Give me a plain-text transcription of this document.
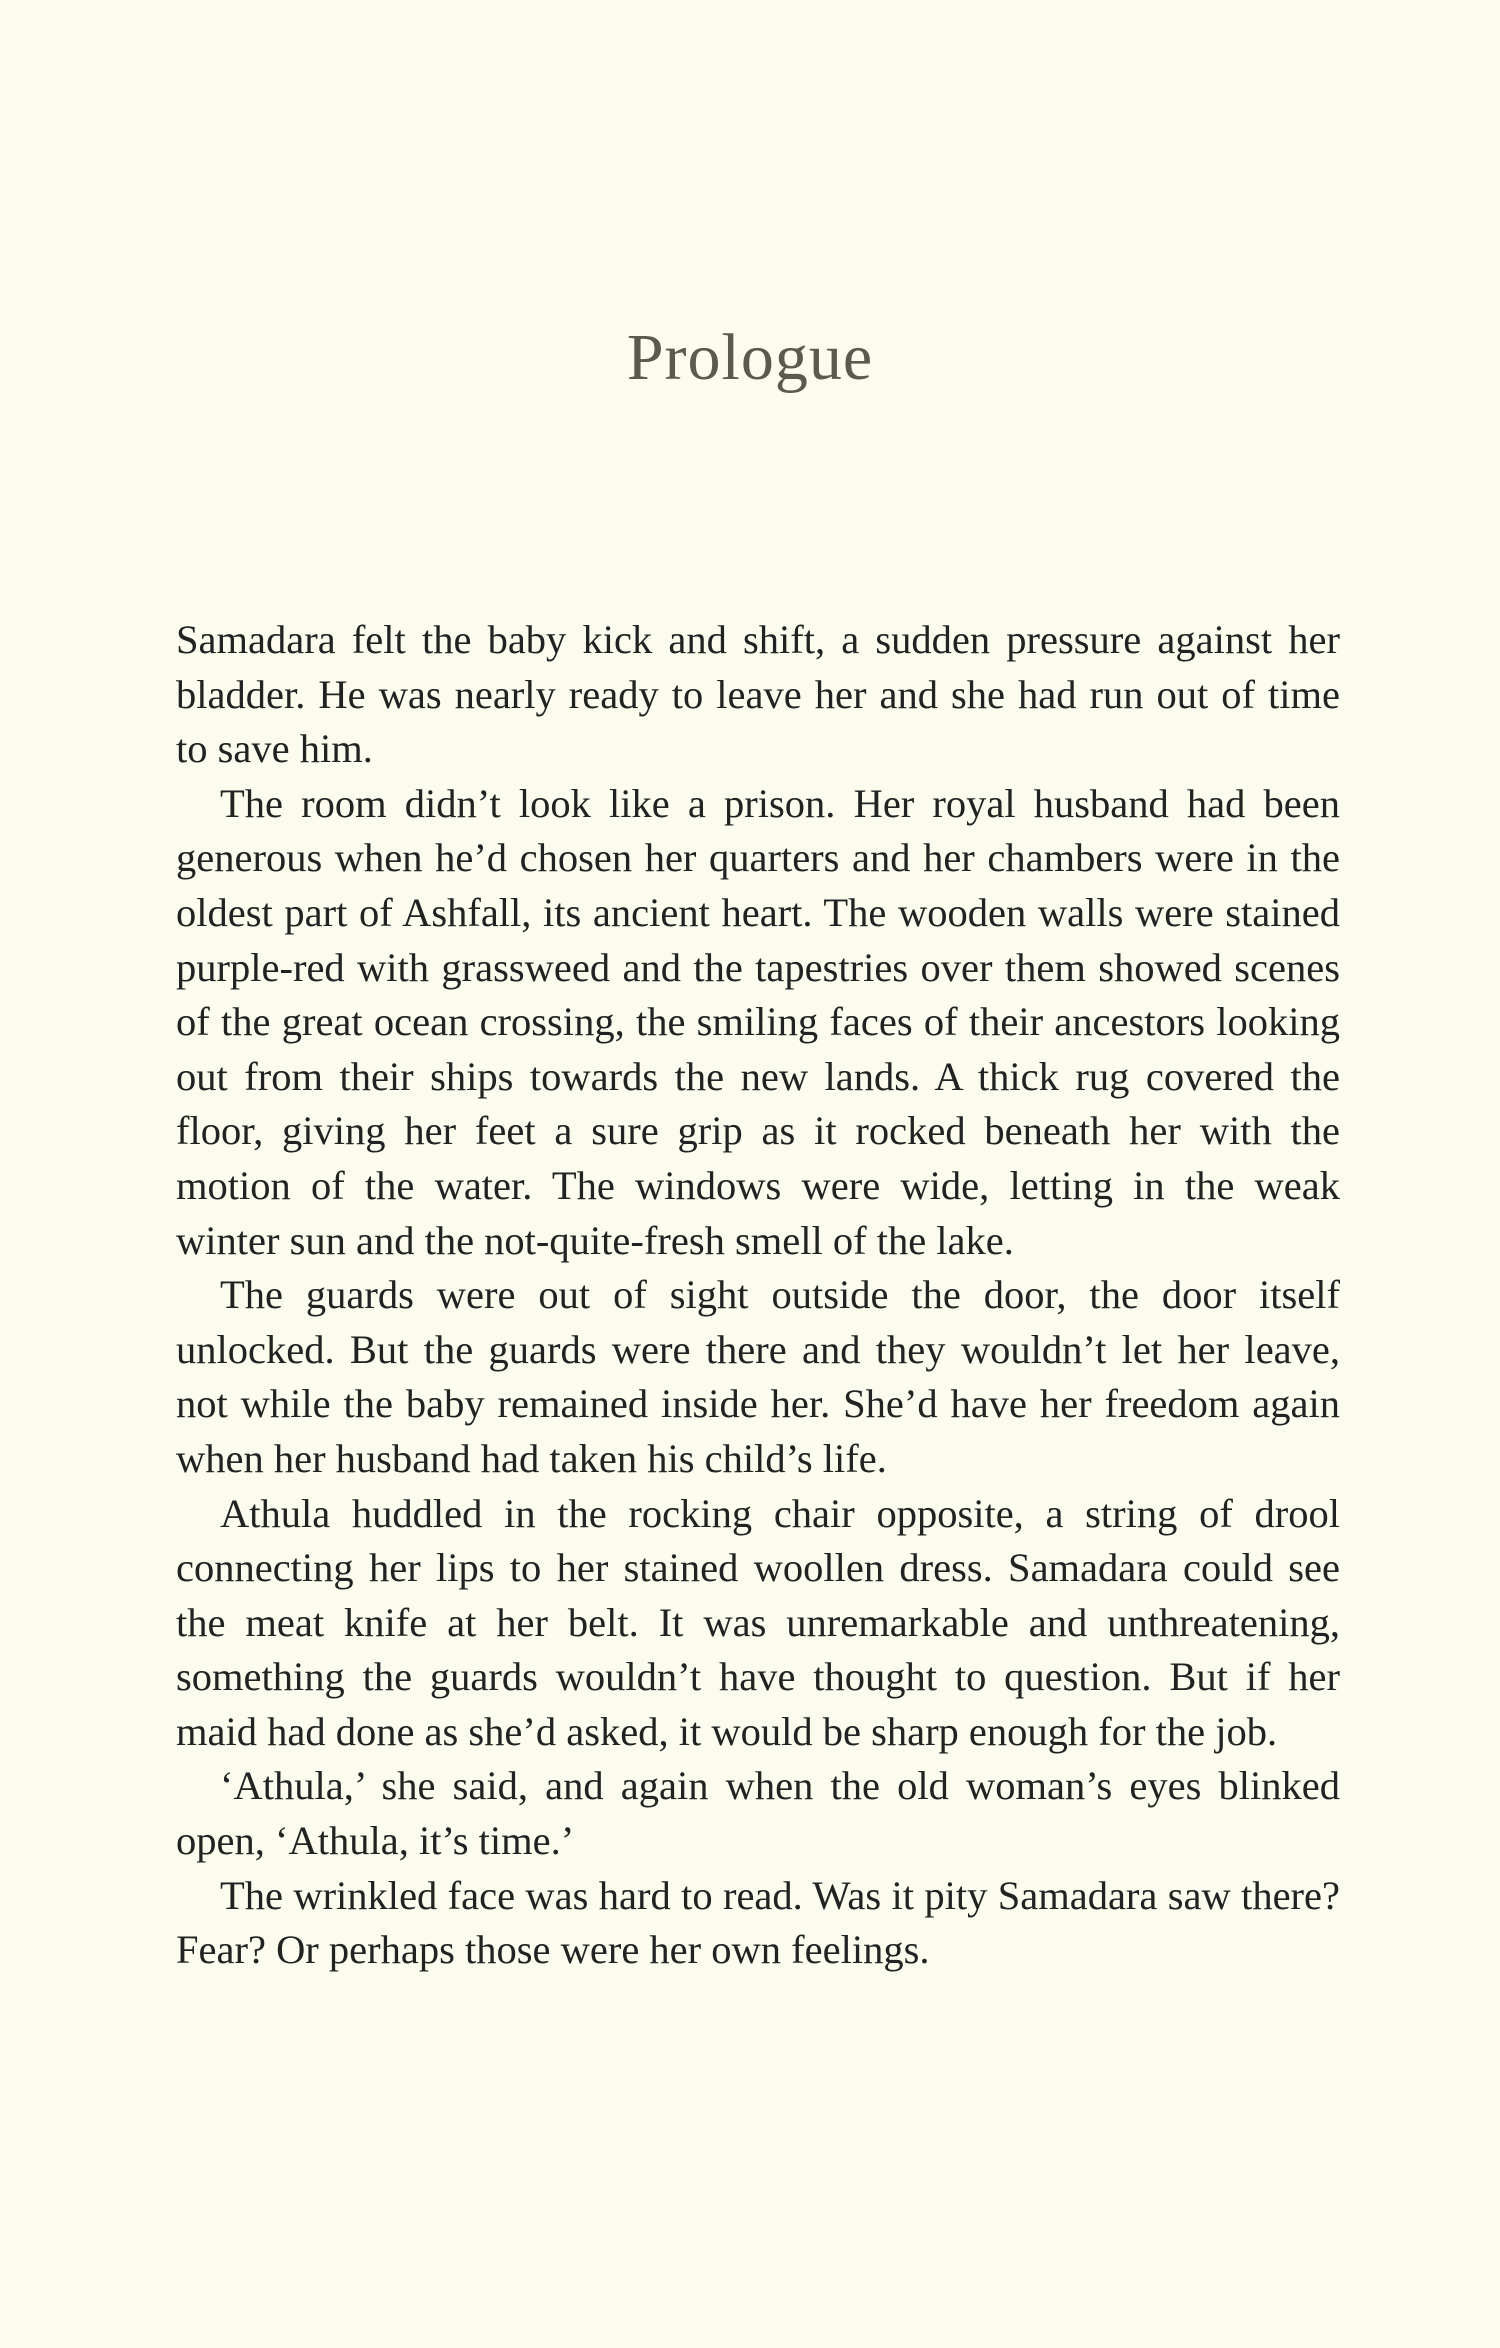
Prologue

Samadara felt the baby kick and shift, a sudden pressure against her bladder. He was nearly ready to leave her and she had run out of time to save him.

The room didn’t look like a prison. Her royal husband had been generous when he’d chosen her quarters and her chambers were in the oldest part of Ashfall, its ancient heart. The wooden walls were stained purple-red with grassweed and the tapestries over them showed scenes of the great ocean crossing, the smiling faces of their ancestors looking out from their ships towards the new lands. A thick rug covered the floor, giving her feet a sure grip as it rocked beneath her with the motion of the water. The windows were wide, letting in the weak winter sun and the not-quite-fresh smell of the lake.

The guards were out of sight outside the door, the door itself unlocked. But the guards were there and they wouldn’t let her leave, not while the baby remained inside her. She’d have her freedom again when her husband had taken his child’s life.

Athula huddled in the rocking chair opposite, a string of drool connecting her lips to her stained woollen dress. Samadara could see the meat knife at her belt. It was unremarkable and unthreatening, something the guards wouldn’t have thought to question. But if her maid had done as she’d asked, it would be sharp enough for the job.

‘Athula,’ she said, and again when the old woman’s eyes blinked open, ‘Athula, it’s time.’

The wrinkled face was hard to read. Was it pity Samadara saw there? Fear? Or perhaps those were her own feelings.
